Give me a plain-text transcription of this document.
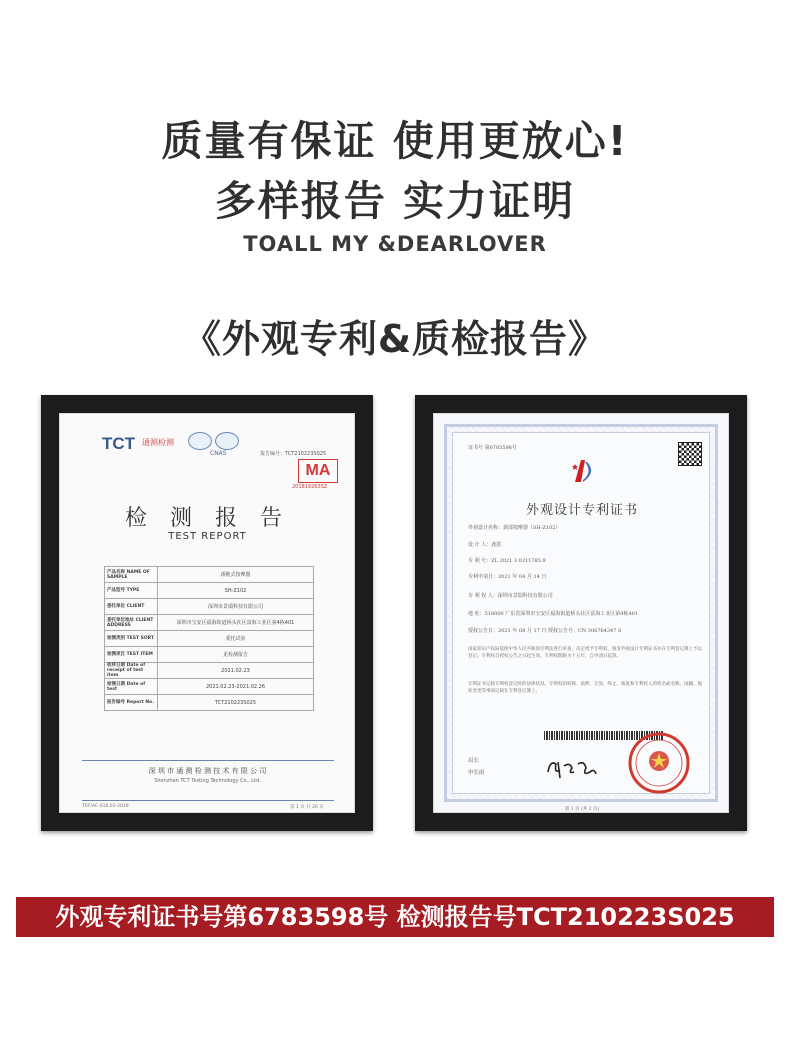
质量有保证 使用更放心!
多样报告 实力证明
TOALL MY &DEARLOVER
《外观专利&质检报告》
TCT 通测检测
CNAS	报告编号：TCT210223S025
MA
201819263SZ
检 测 报 告
TEST REPORT
产品名称 NAME OF SAMPLE	颈椎式按摩器
产品型号 TYPE	SH-Z102
委托单位 CLIENT	深圳市景瑞科技有限公司
委托单位地址 CLIENT ADDRESS	深圳市宝安区福海街道桥头社区富海工业区第4栋401
检测类别 TEST SORT	委托试验
检测项目 TEST ITEM	见检测报告
收样日期 Date of receipt of test item	2021.02.23
检测日期 Date of test	2021.02.23-2021.02.26
报告编号 Report No.	TCT210223S025
深 圳 市 通 测 检 测 技 术 有 限 公 司
Shenzhen TCT Testing Technology Co., Ltd.
TRF/AC-016.01-2019	第 1 页 共 26 页
证书号 第6783598号
外观设计专利证书
外观设计名称：颈部按摩器（SH-Z102）
设 计 人：龚震
专 利 号：ZL 2021 3 0211785.9
专利申请日：2021 年 04 月 14 日
专 利 权 人：深圳市景瑞科技有限公司
地 址：518000 广东省深圳市宝安区福海街道桥头社区富海工业区第4栋401
授权公告日：2021 年 08 月 17 日 授权公告号：CN 306764347 S
国家知识产权局依照中华人民共和国专利法进行审查，决定授予专利权，颁发外观设计专利证书并在专利登记簿上予以登记。专利权自授权公告之日起生效。专利权期限为十五年，自申请日起算。
专利证书记载专利权登记时的法律状况。专利权的转移、质押、无效、终止、恢复和专利权人的姓名或名称、国籍、地址变更等事项记载在专利登记簿上。
局长
申长雨
第 1 页 (共 2 页)
外观专利证书号第6783598号 检测报告号TCT210223S025
